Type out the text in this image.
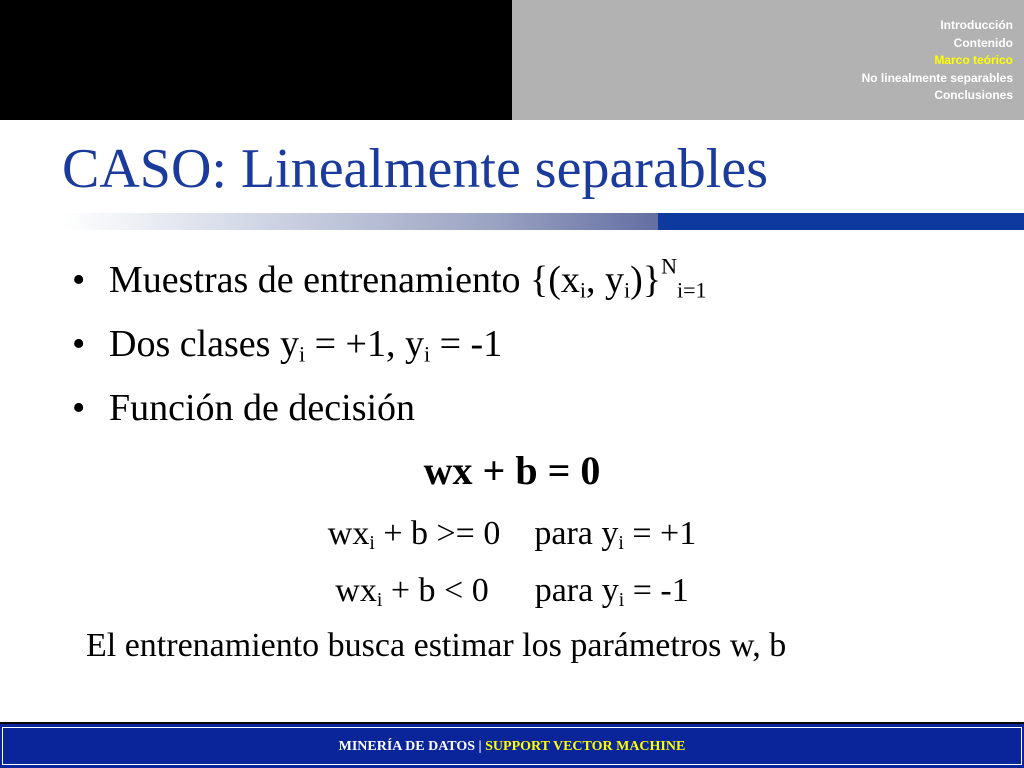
Introducción
Contenido
Marco teórico
No linealmente separables
Conclusiones
CASO: Linealmente separables
• Muestras de entrenamiento {($x_i$, $y_i)\}^N_{i=1}$
• Dos clases $y_i = +1$, $y_i = -1$
• Función de decisión
wx + b = 0
$wx_i + b >= 0$ para $y_i = +1$
$wx_i + b < 0$ para $y_i = -1$
El entrenamiento busca estimar los parámetros w, b
MINERÍA DE DATOS | SUPPORT VECTOR MACHINE
